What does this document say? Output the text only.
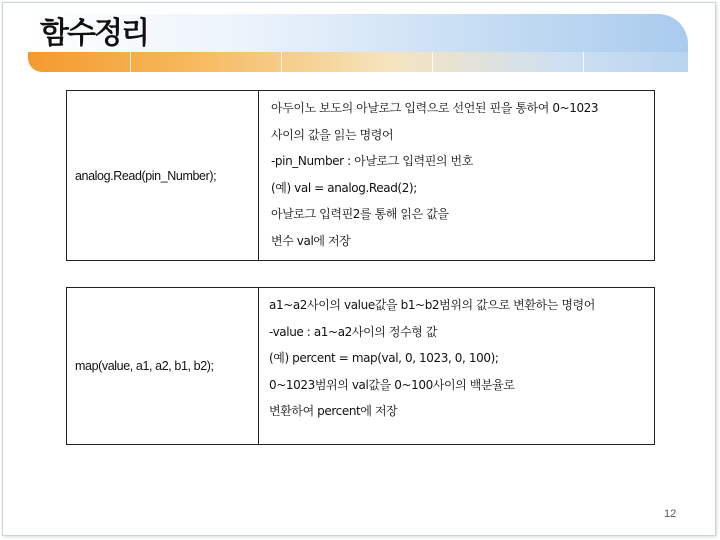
함수정리
analog.Read(pin_Number);
아두이노 보도의 아날로그 입력으로 선언된 핀을 통하여 0~1023
사이의 값을 읽는 명령어
-pin_Number : 아날로그 입력핀의 번호
(예) val = analog.Read(2);
아날로그 입력핀2를 통해 읽은 값을
변수 val에 저장
map(value, a1, a2, b1, b2);
a1~a2사이의 value값을 b1~b2범위의 값으로 변환하는 명령어
-value : a1~a2사이의 정수형 값
(예) percent = map(val, 0, 1023, 0, 100);
0~1023범위의 val값을 0~100사이의 백분율로
변환하여 percent에 저장
12
